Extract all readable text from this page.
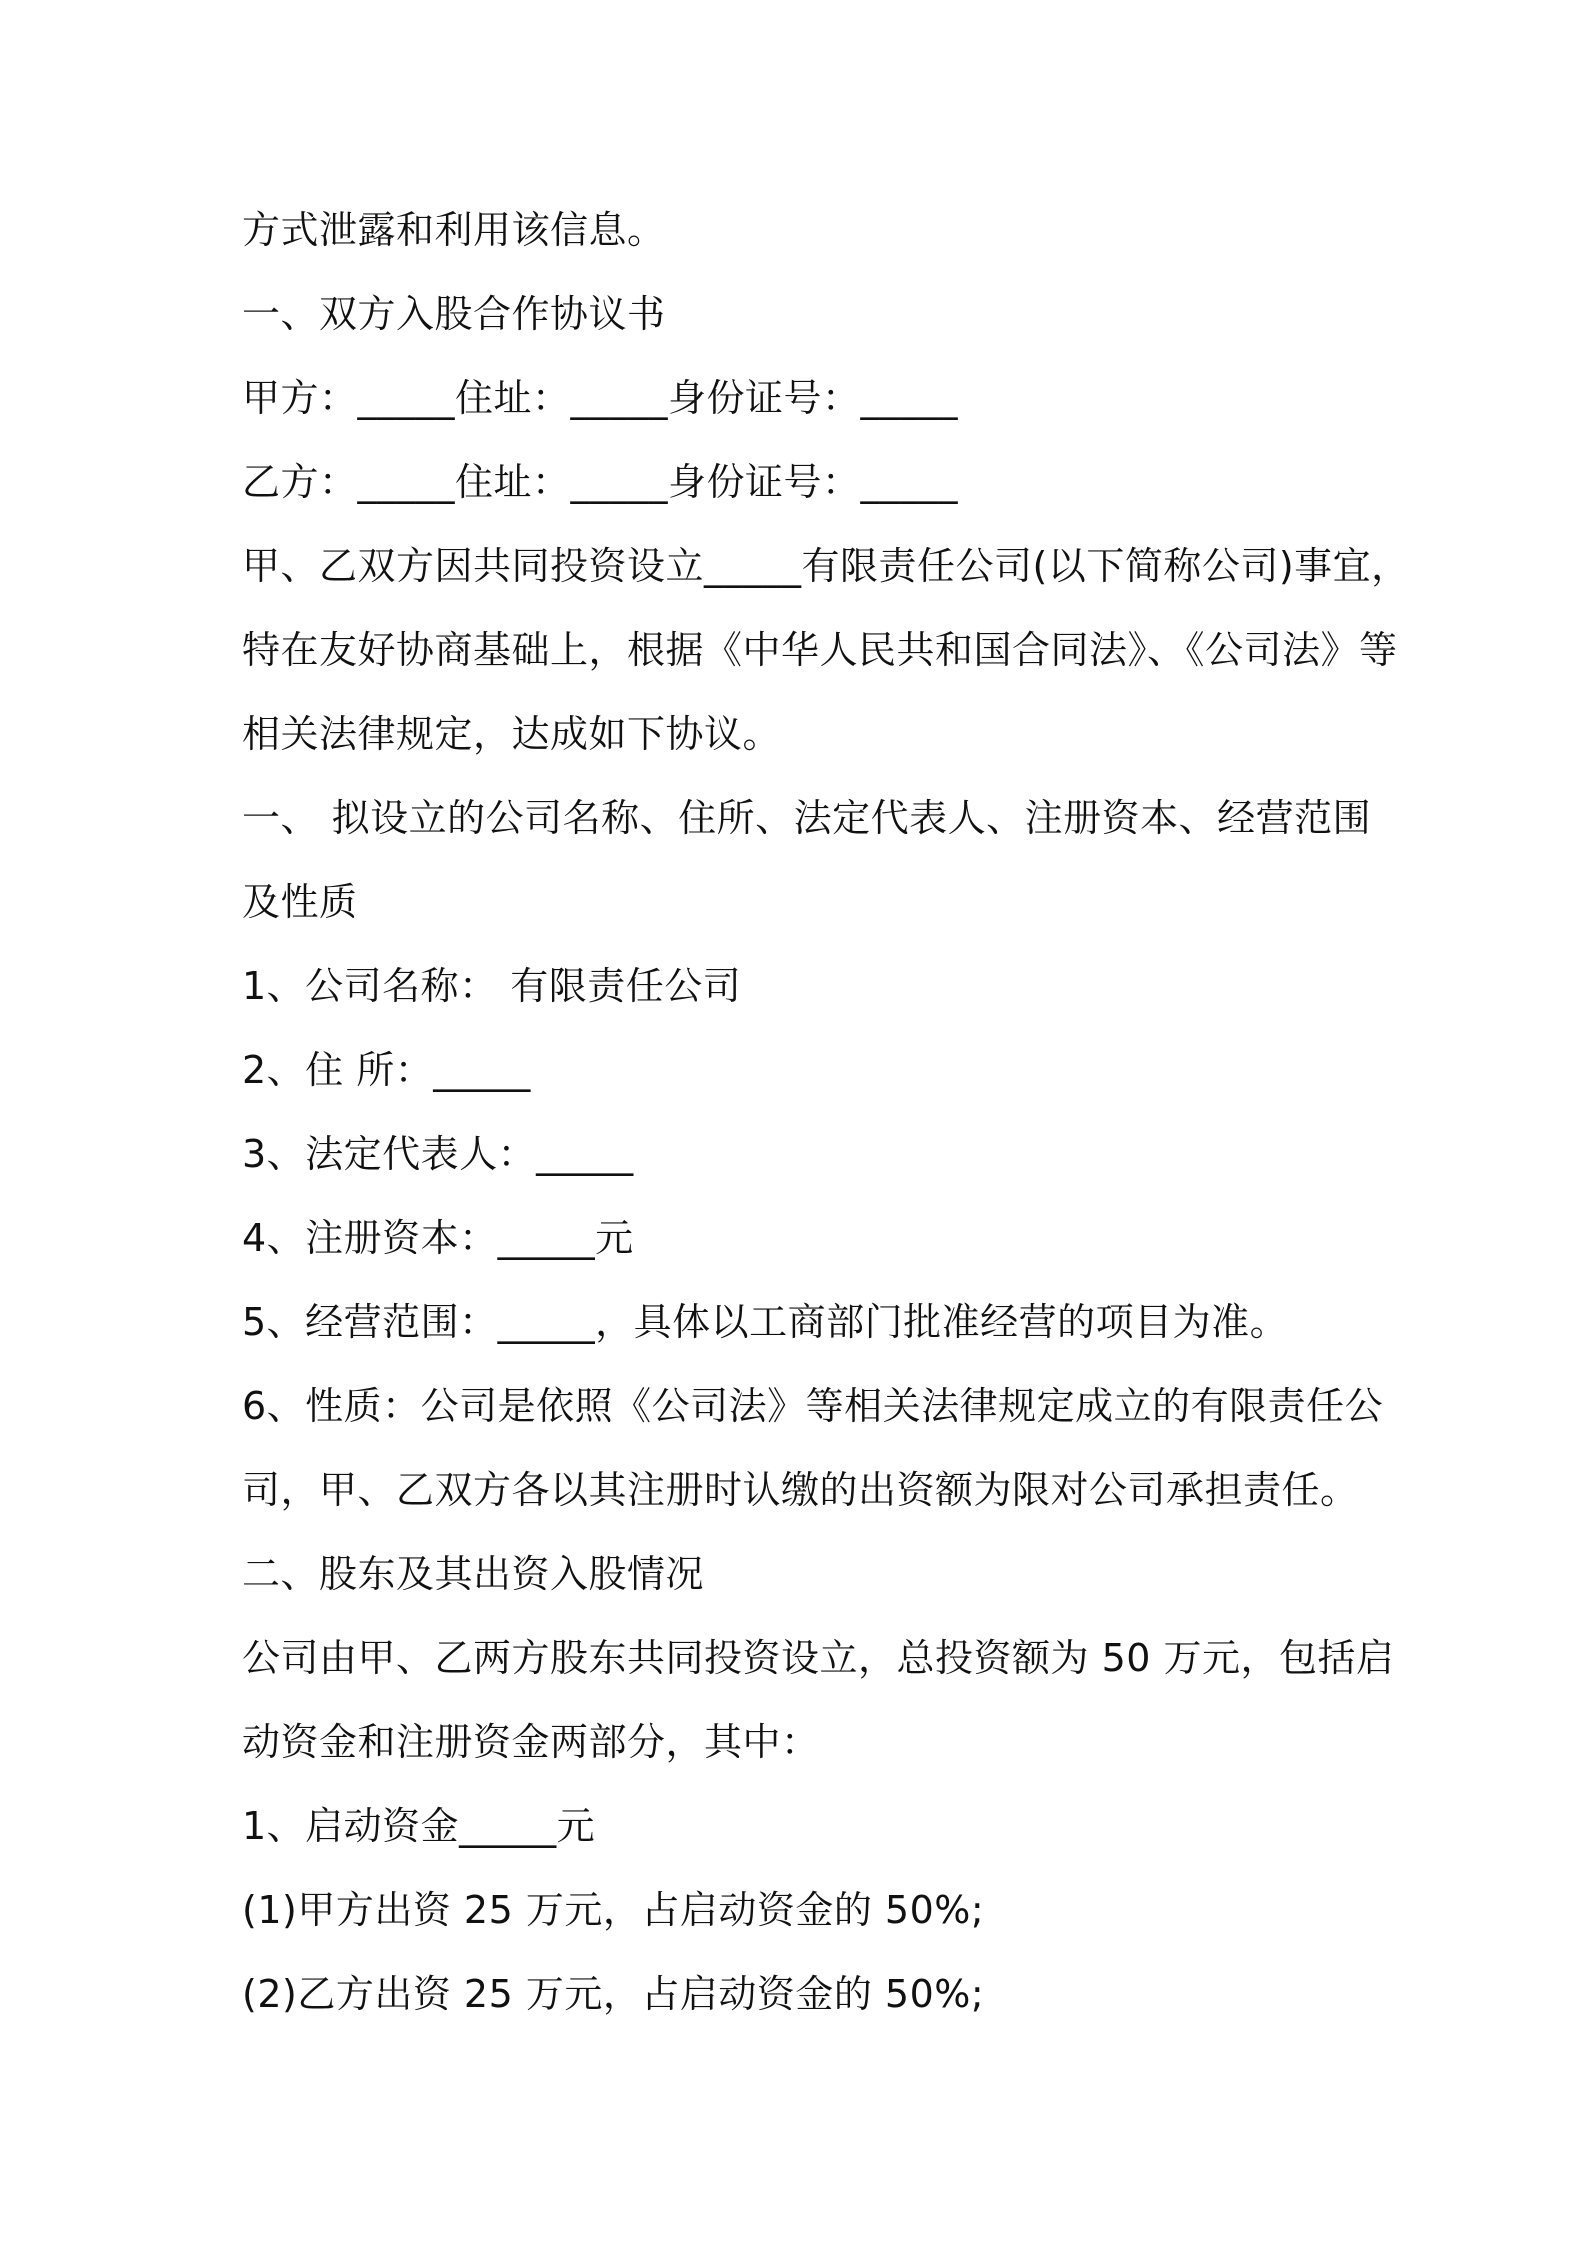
方式泄露和利用该信息。
一、双方入股合作协议书
甲方：_____住址：_____身份证号：_____
乙方：_____住址：_____身份证号：_____
甲、乙双方因共同投资设立_____有限责任公司(以下简称公司)事宜，
特在友好协商基础上，根据《中华人民共和国合同法》、《公司法》等
相关法律规定，达成如下协议。
一、 拟设立的公司名称、住所、法定代表人、注册资本、经营范围
及性质
1、公司名称： 有限责任公司
2、住 所：_____
3、法定代表人：_____
4、注册资本：_____元
5、经营范围：_____，具体以工商部门批准经营的项目为准。
6、性质：公司是依照《公司法》等相关法律规定成立的有限责任公
司，甲、乙双方各以其注册时认缴的出资额为限对公司承担责任。
二、股东及其出资入股情况
公司由甲、乙两方股东共同投资设立，总投资额为 50 万元，包括启
动资金和注册资金两部分，其中：
1、启动资金_____元
(1)甲方出资 25 万元，占启动资金的 50%;
(2)乙方出资 25 万元，占启动资金的 50%;
